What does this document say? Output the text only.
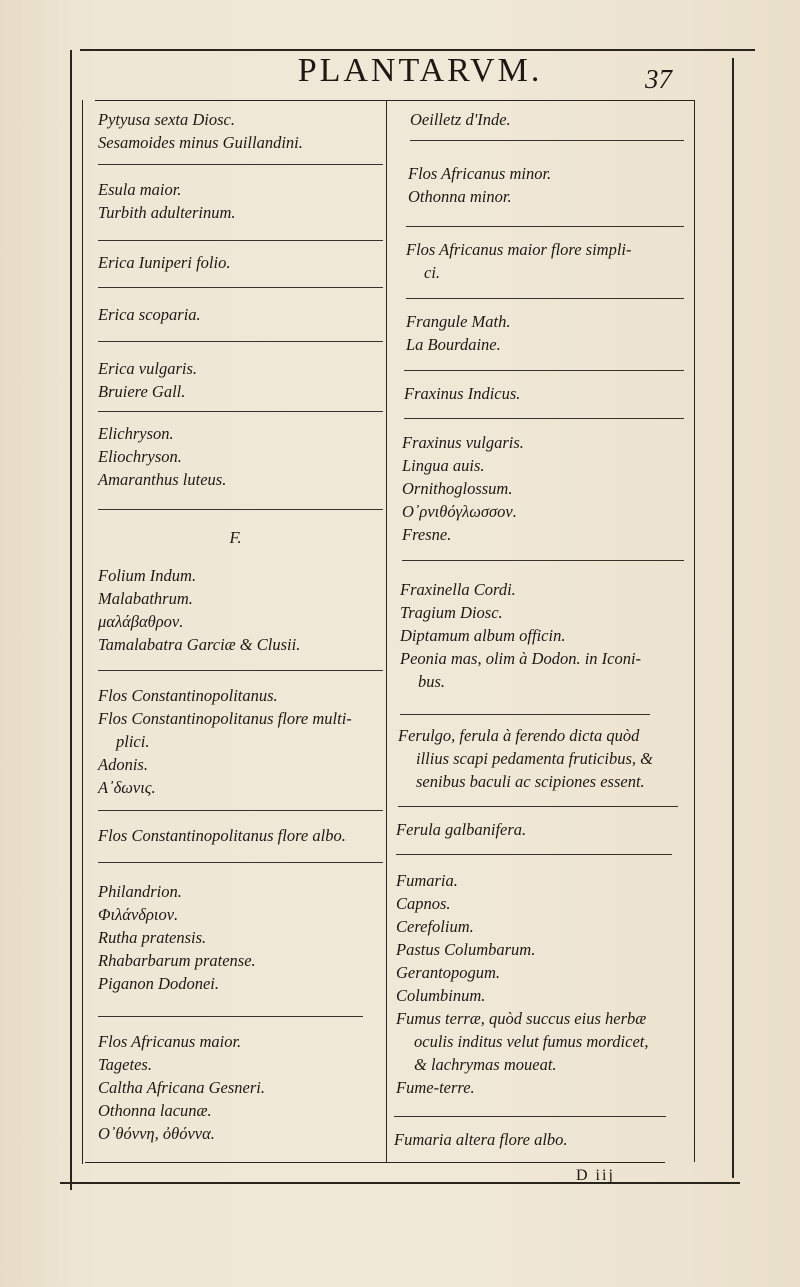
PLANTARVM.	37
Pytyusa sexta Diosc.
Sesamoides minus Guillandini.
Esula maior.
Turbith adulterinum.
Erica Iuniperi folio.
Erica scoparia.
Erica vulgaris.
Bruiere Gall.
Elichryson.
Eliochryson.
Amaranthus luteus.
F.
Folium Indum.
Malabathrum.
μαλάβαθρον.
Tamalabatra Garciæ & Clusii.
Flos Constantinopolitanus.
Flos Constantinopolitanus flore multi-
plici.
Adonis.
Α᾽δωνις.
Flos Constantinopolitanus flore albo.
Philandrion.
Φιλάνδριον.
Rutha pratensis.
Rhabarbarum pratense.
Piganon Dodonei.
Flos Africanus maior.
Tagetes.
Caltha Africana Gesneri.
Othonna lacunæ.
Ο᾽θόννη, ὀθόννα.
Oeilletz d'Inde.
Flos Africanus minor.
Othonna minor.
Flos Africanus maior flore simpli-
ci.
Frangule Math.
La Bourdaine.
Fraxinus Indicus.
Fraxinus vulgaris.
Lingua auis.
Ornithoglossum.
Ο᾽ρνιθόγλωσσον.
Fresne.
Fraxinella Cordi.
Tragium Diosc.
Diptamum album officin.
Peonia mas, olim à Dodon. in Iconi-
bus.
Ferulgo, ferula à ferendo dicta quòd
illius scapi pedamenta fruticibus, &
senibus baculi ac scipiones essent.
Ferula galbanifera.
Fumaria.
Capnos.
Cerefolium.
Pastus Columbarum.
Gerantopogum.
Columbinum.
Fumus terræ, quòd succus eius herbæ
oculis inditus velut fumus mordicet,
& lachrymas moueat.
Fume-terre.
Fumaria altera flore albo.
D iij
